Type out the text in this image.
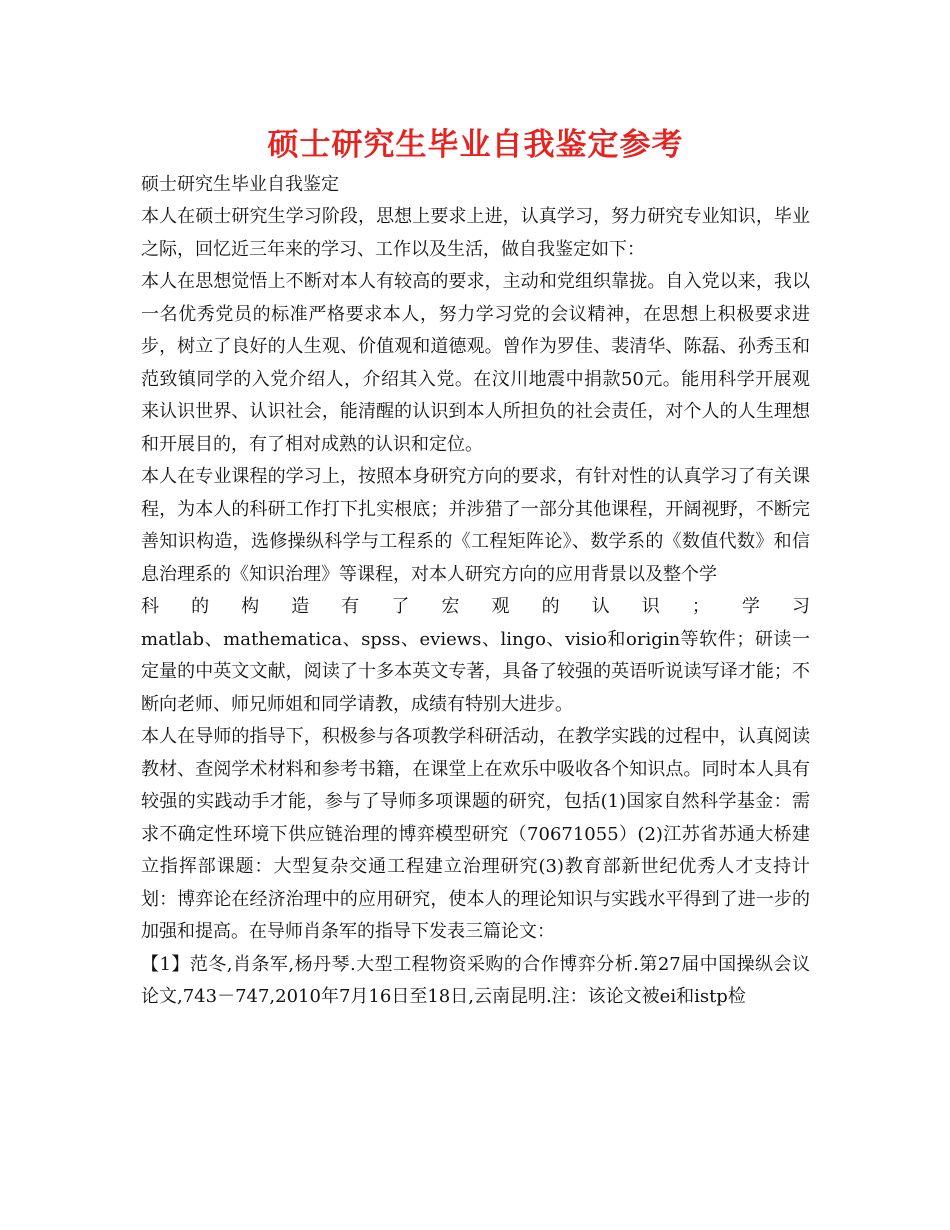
硕士研究生毕业自我鉴定参考

硕士研究生毕业自我鉴定

本人在硕士研究生学习阶段，思想上要求上进，认真学习，努力研究专业知识，毕业之际，回忆近三年来的学习、工作以及生活，做自我鉴定如下：

本人在思想觉悟上不断对本人有较高的要求，主动和党组织靠拢。自入党以来，我以一名优秀党员的标准严格要求本人，努力学习党的会议精神，在思想上积极要求进步，树立了良好的人生观、价值观和道德观。曾作为罗佳、裴清华、陈磊、孙秀玉和范致镇同学的入党介绍人，介绍其入党。在汶川地震中捐款50元。能用科学开展观来认识世界、认识社会，能清醒的认识到本人所担负的社会责任，对个人的人生理想和开展目的，有了相对成熟的认识和定位。

本人在专业课程的学习上，按照本身研究方向的要求，有针对性的认真学习了有关课程，为本人的科研工作打下扎实根底；并涉猎了一部分其他课程，开阔视野，不断完善知识构造，选修操纵科学与工程系的《工程矩阵论》、数学系的《数值代数》和信息治理系的《知识治理》等课程，对本人研究方向的应用背景以及整个学

科的构造有了宏观的认识；学习

matlab、mathematica、spss、eviews、lingo、visio和origin等软件；研读一定量的中英文文献，阅读了十多本英文专著，具备了较强的英语听说读写译才能；不断向老师、师兄师姐和同学请教，成绩有特别大进步。

本人在导师的指导下，积极参与各项教学科研活动，在教学实践的过程中，认真阅读教材、查阅学术材料和参考书籍，在课堂上在欢乐中吸收各个知识点。同时本人具有较强的实践动手才能，参与了导师多项课题的研究，包括(1)国家自然科学基金：需求不确定性环境下供应链治理的博弈模型研究（70671055）(2)江苏省苏通大桥建立指挥部课题：大型复杂交通工程建立治理研究(3)教育部新世纪优秀人才支持计划：博弈论在经济治理中的应用研究，使本人的理论知识与实践水平得到了进一步的加强和提高。在导师肖条军的指导下发表三篇论文：

【1】范冬,肖条军,杨丹琴.大型工程物资采购的合作博弈分析.第27届中国操纵会议论文,743－747,2010年7月16日至18日,云南昆明.注：该论文被ei和istp检
